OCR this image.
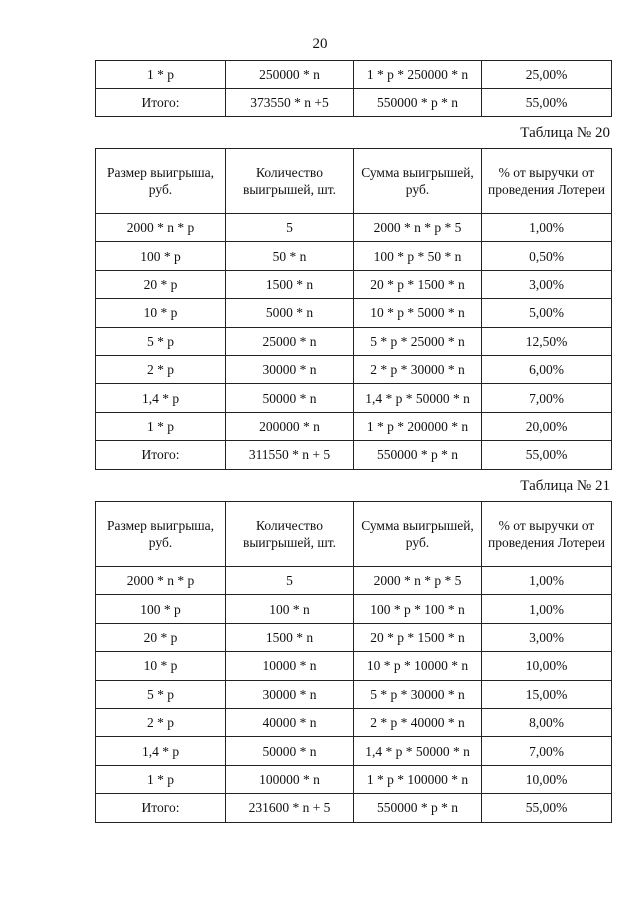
20
1 * p	250000 * n	1 * p * 250000 * n	25,00%
Итого:	373550 * n +5	550000 * p * n	55,00%
Таблица № 20
Размер выигрыша, руб.	Количество выигрышей, шт.	Сумма выигрышей, руб.	% от выручки от проведения Лотереи
2000 * n * p	5	2000 * n * p * 5	1,00%
100 * p	50 * n	100 * p * 50 * n	0,50%
20 * p	1500 * n	20 * p * 1500 * n	3,00%
10 * p	5000 * n	10 * p * 5000 * n	5,00%
5 * p	25000 * n	5 * p * 25000 * n	12,50%
2 * p	30000 * n	2 * p * 30000 * n	6,00%
1,4 * p	50000 * n	1,4 * p * 50000 * n	7,00%
1 * p	200000 * n	1 * p * 200000 * n	20,00%
Итого:	311550 * n + 5	550000 * p * n	55,00%
Таблица № 21
Размер выигрыша, руб.	Количество выигрышей, шт.	Сумма выигрышей, руб.	% от выручки от проведения Лотереи
2000 * n * p	5	2000 * n * p * 5	1,00%
100 * p	100 * n	100 * p * 100 * n	1,00%
20 * p	1500 * n	20 * p * 1500 * n	3,00%
10 * p	10000 * n	10 * p * 10000 * n	10,00%
5 * p	30000 * n	5 * p * 30000 * n	15,00%
2 * p	40000 * n	2 * p * 40000 * n	8,00%
1,4 * p	50000 * n	1,4 * p * 50000 * n	7,00%
1 * p	100000 * n	1 * p * 100000 * n	10,00%
Итого:	231600 * n + 5	550000 * p * n	55,00%
